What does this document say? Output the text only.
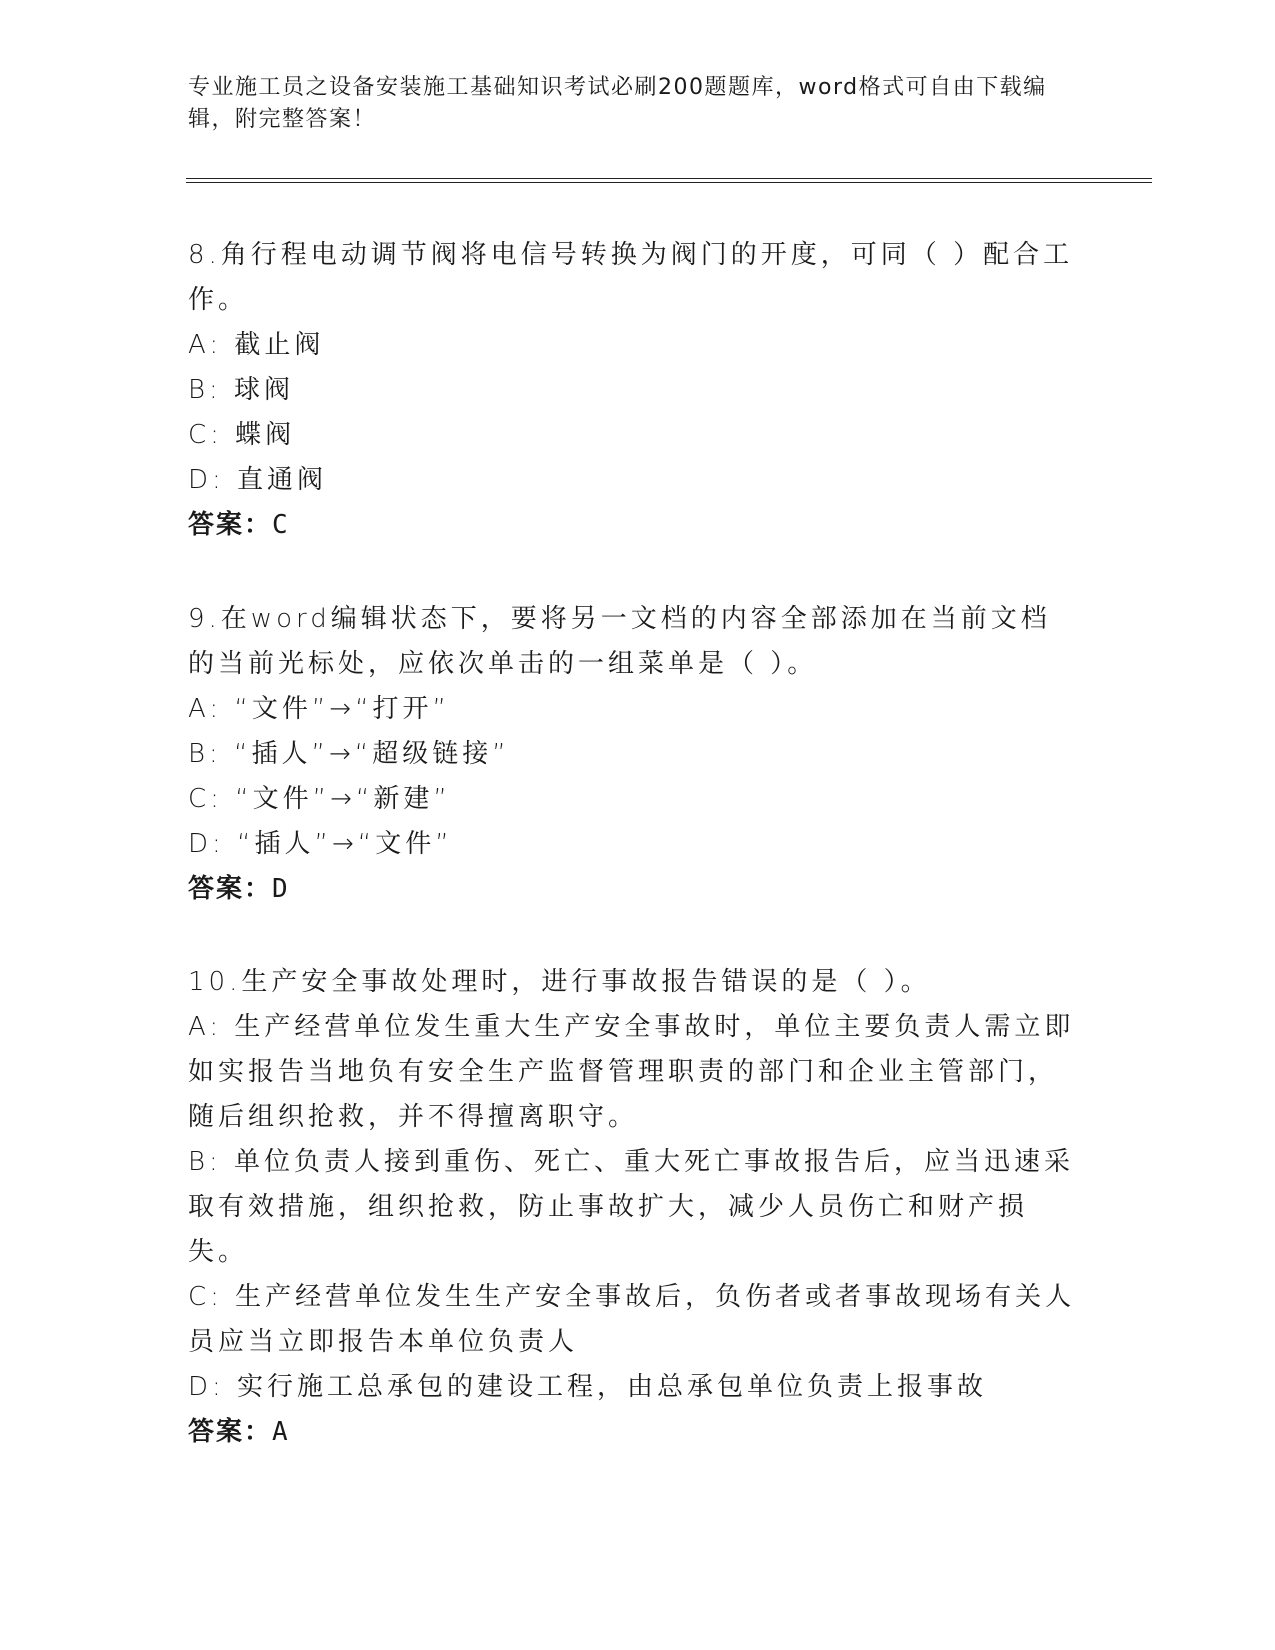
专业施工员之设备安装施工基础知识考试必刷200题题库，word格式可自由下载编辑，附完整答案！

8.角行程电动调节阀将电信号转换为阀门的开度，可同（ ）配合工作。

A: 截止阀

B: 球阀

C: 蝶阀

D: 直通阀

答案：C

9.在word编辑状态下，要将另一文档的内容全部添加在当前文档的当前光标处，应依次单击的一组菜单是（ ）。

A: “文件”→“打开”

B: “插人”→“超级链接”

C: “文件”→“新建”

D: “插人”→“文件”

答案：D

10.生产安全事故处理时，进行事故报告错误的是（ ）。

A: 生产经营单位发生重大生产安全事故时，单位主要负责人需立即如实报告当地负有安全生产监督管理职责的部门和企业主管部门，随后组织抢救，并不得擅离职守。

B: 单位负责人接到重伤、死亡、重大死亡事故报告后，应当迅速采取有效措施，组织抢救，防止事故扩大，减少人员伤亡和财产损失。

C: 生产经营单位发生生产安全事故后，负伤者或者事故现场有关人员应当立即报告本单位负责人

D: 实行施工总承包的建设工程，由总承包单位负责上报事故

答案：A
